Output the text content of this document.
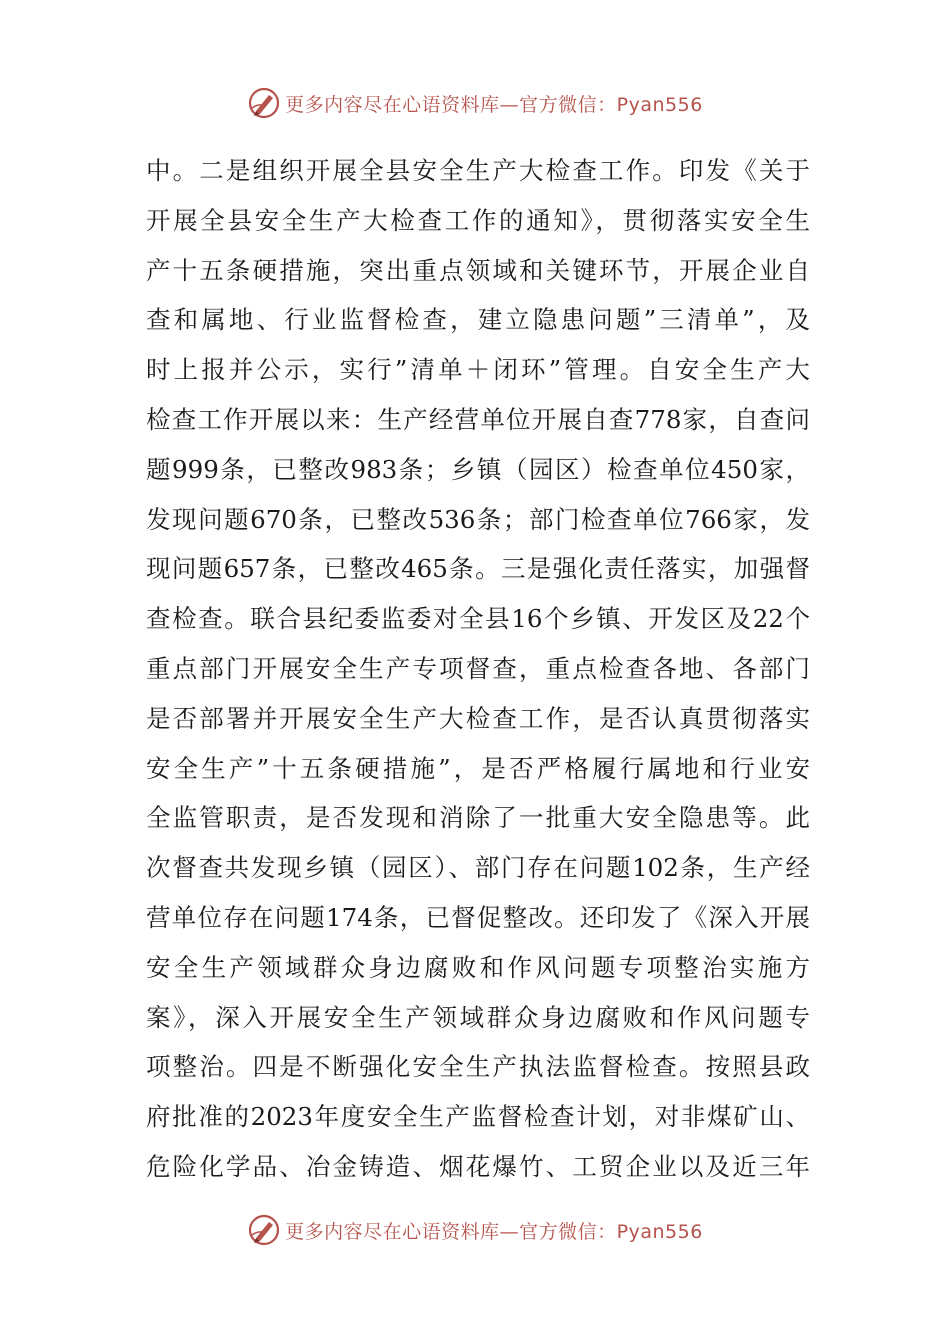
更多内容尽在心语资料库—官方微信：Pyan556
中。二是组织开展全县安全生产大检查工作。印发《关于
开展全县安全生产大检查工作的通知》，贯彻落实安全生
产十五条硬措施，突出重点领域和关键环节，开展企业自
查和属地、行业监督检查，建立隐患问题”三清单”，及
时上报并公示，实行”清单＋闭环”管理。自安全生产大
检查工作开展以来：生产经营单位开展自查778家，自查问
题999条，已整改983条；乡镇（园区）检查单位450家，
发现问题670条，已整改536条；部门检查单位766家，发
现问题657条，已整改465条。三是强化责任落实，加强督
查检查。联合县纪委监委对全县16个乡镇、开发区及22个
重点部门开展安全生产专项督查，重点检查各地、各部门
是否部署并开展安全生产大检查工作，是否认真贯彻落实
安全生产”十五条硬措施”，是否严格履行属地和行业安
全监管职责，是否发现和消除了一批重大安全隐患等。此
次督查共发现乡镇（园区）、部门存在问题102条，生产经
营单位存在问题174条，已督促整改。还印发了《深入开展
安全生产领域群众身边腐败和作风问题专项整治实施方
案》，深入开展安全生产领域群众身边腐败和作风问题专
项整治。四是不断强化安全生产执法监督检查。按照县政
府批准的2023年度安全生产监督检查计划，对非煤矿山、
危险化学品、冶金铸造、烟花爆竹、工贸企业以及近三年
更多内容尽在心语资料库—官方微信：Pyan556
